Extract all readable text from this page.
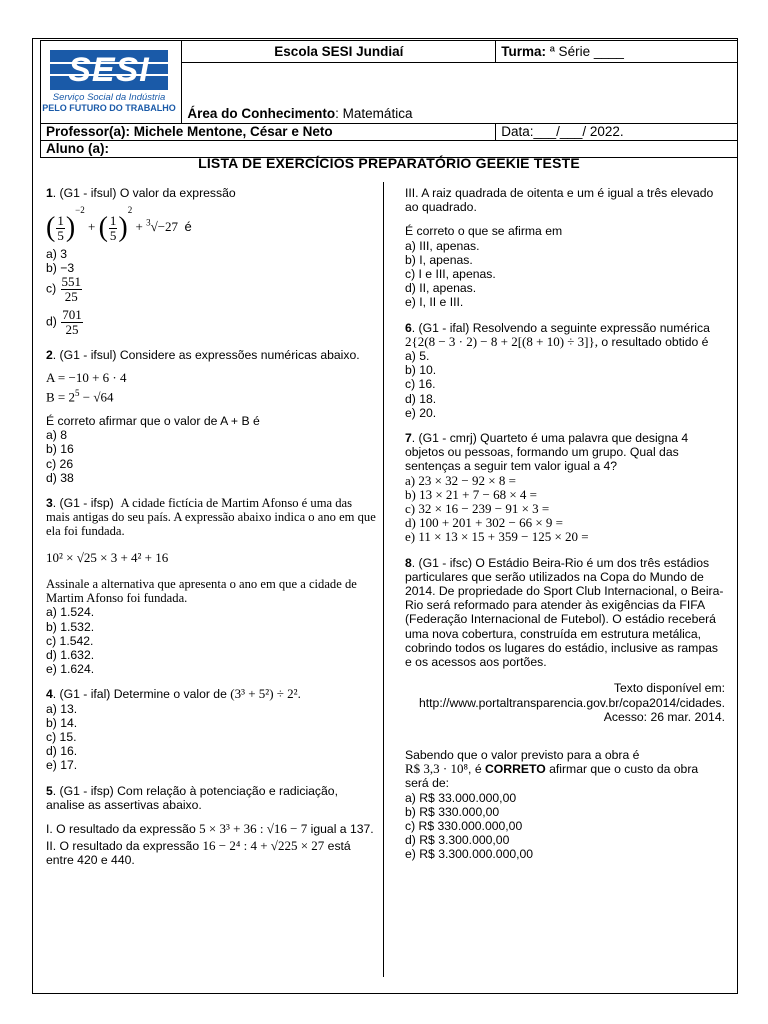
SESI
Serviço Social da Indústria
PELO FUTURO DO TRABALHO	Escola SESI Jundiaí	Turma: ª Série ____
	Área do Conhecimento: Matemática	
Professor(a): Michele Mentone, César e Neto		Data:___/___/ 2022.
Aluno (a):		
LISTA DE EXERCÍCIOS PREPARATÓRIO GEEKIE TESTE

1. (G1 - ifsul) O valor da expressão

( $\frac{1}{5} )^{-2}$ + ( $\frac{1}{5} )^2 + ^3√-27$  é

a) 3

b) −3

$c) \frac{551}{25}$

$d) \frac{701}{25}$

2. (G1 - ifsul) Considere as expressões numéricas abaixo.

A = −10 + 6 · 4

$B = 2^5 - √64$

É correto afirmar que o valor de A + B é

a) 8

b) 16

c) 26

d) 38

3. (G1 - ifsp) A cidade fictícia de Martim Afonso é uma das mais antigas do seu país. A expressão abaixo indica o ano em que ela foi fundada.

10² × √25 × 3 + 4² + 16

Assinale a alternativa que apresenta o ano em que a cidade de Martim Afonso foi fundada.

a) 1.524.

b) 1.532.

c) 1.542.

d) 1.632.

e) 1.624.

4. (G1 - ifal) Determine o valor de (3³ + 5²) ÷ 2².

a) 13.

b) 14.

c) 15.

d) 16.

e) 17.

5. (G1 - ifsp) Com relação à potenciação e radiciação, analise as assertivas abaixo.

I. O resultado da expressão 5 × 3³ + 36 : √16 − 7 igual a 137.

II. O resultado da expressão 16 − 2⁴ : 4 + √225 × 27 está entre 420 e 440.

III. A raiz quadrada de oitenta e um é igual a três elevado ao quadrado.

É correto o que se afirma em

a) III, apenas.

b) I, apenas.

c) I e III, apenas.

d) II, apenas.

e) I, II e III.

6. (G1 - ifal) Resolvendo a seguinte expressão numérica 2{2(8 − 3 · 2) − 8 + 2[(8 + 10) ÷ 3]}, o resultado obtido é

a) 5.

b) 10.

c) 16.

d) 18.

e) 20.

7. (G1 - cmrj) Quarteto é uma palavra que designa 4 objetos ou pessoas, formando um grupo. Qual das sentenças a seguir tem valor igual a 4?

a) 23 × 32 − 92 × 8 =

b) 13 × 21 + 7 − 68 × 4 =

c) 32 × 16 − 239 − 91 × 3 =

d) 100 + 201 + 302 − 66 × 9 =

e) 11 × 13 × 15 + 359 − 125 × 20 =

8. (G1 - ifsc) O Estádio Beira-Rio é um dos três estádios particulares que serão utilizados na Copa do Mundo de 2014. De propriedade do Sport Club Internacional, o Beira-Rio será reformado para atender às exigências da FIFA (Federação Internacional de Futebol). O estádio receberá uma nova cobertura, construída em estrutura metálica, cobrindo todos os lugares do estádio, inclusive as rampas e os acessos aos portões.

Texto disponível em:

http://www.portaltransparencia.gov.br/copa2014/cidades.

Acesso: 26 mar. 2014.

Sabendo que o valor previsto para a obra é
R$ 3,3 · 10⁸, é CORRETO afirmar que o custo da obra será de:

a) R$ 33.000.000,00

b) R$ 330.000,00

c) R$ 330.000.000,00

d) R$ 3.300.000,00

e) R$ 3.300.000.000,00
